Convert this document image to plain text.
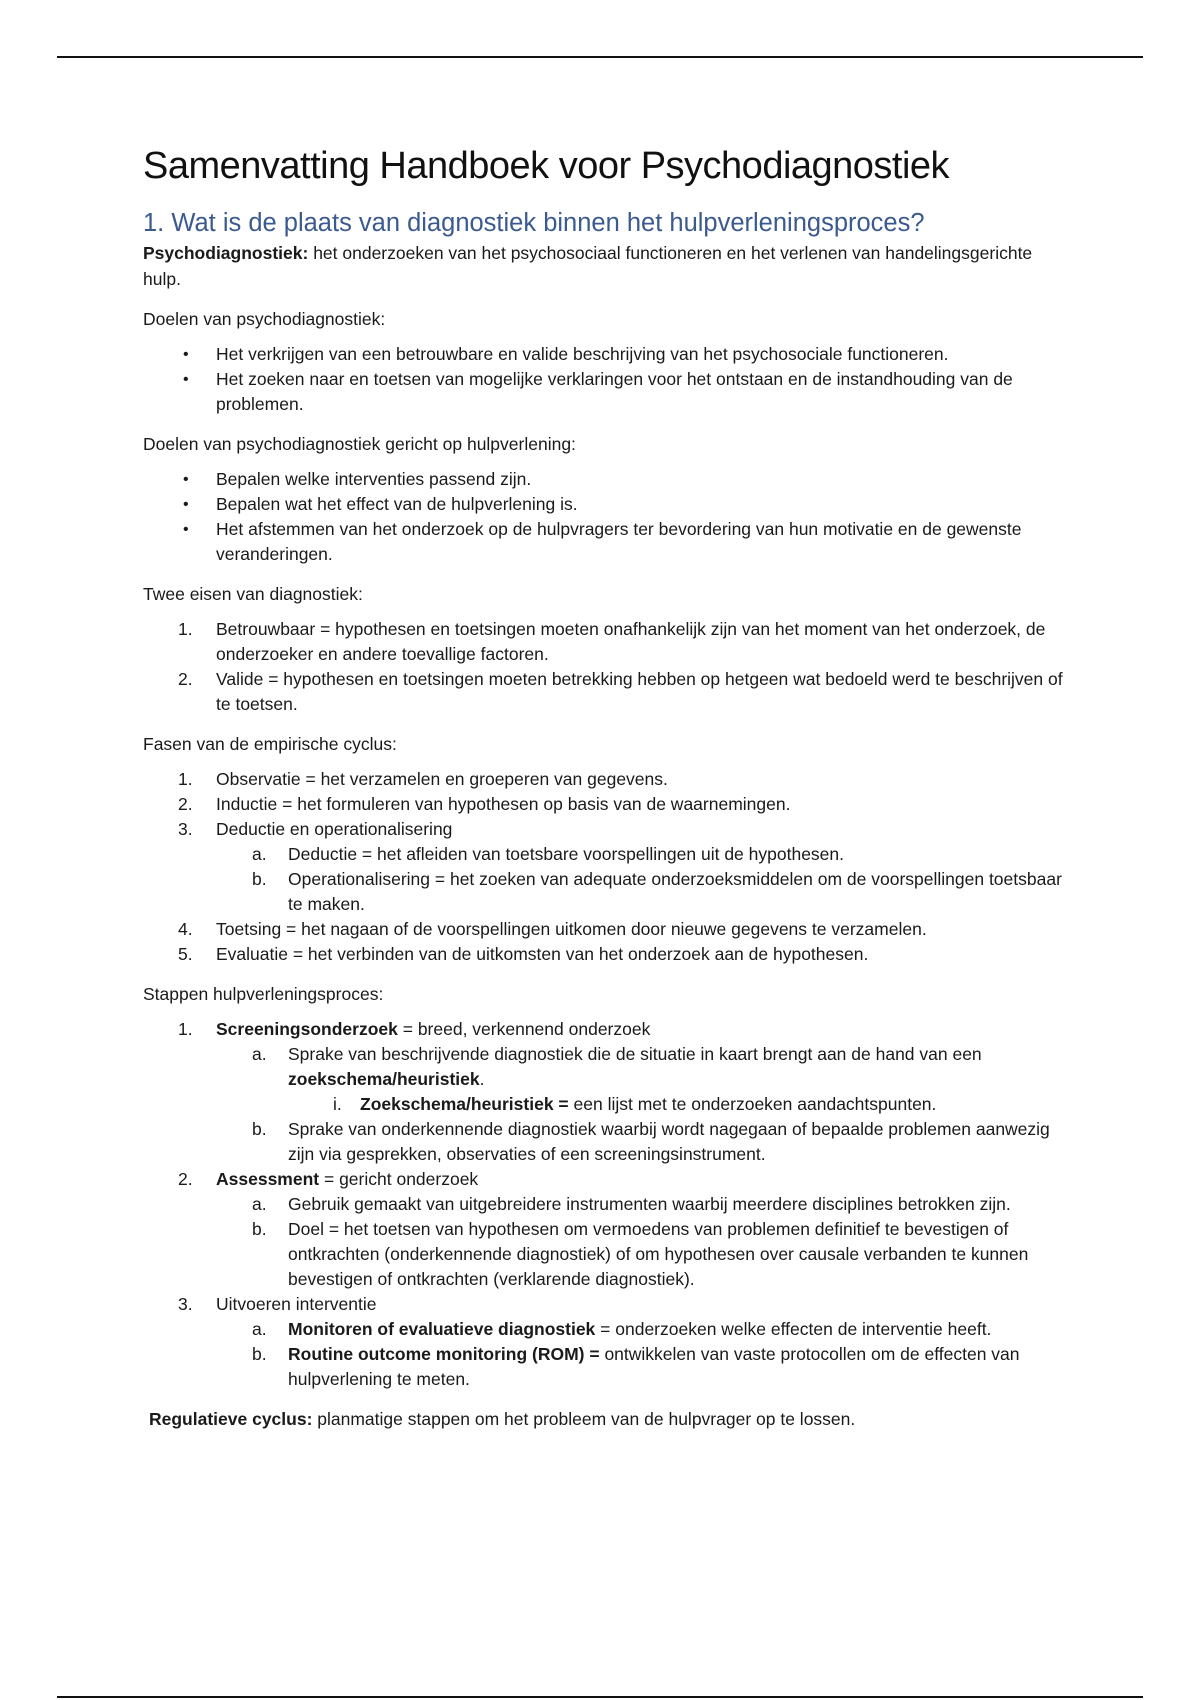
Samenvatting Handboek voor Psychodiagnostiek
1. Wat is de plaats van diagnostiek binnen het hulpverleningsproces?

Psychodiagnostiek: het onderzoeken van het psychosociaal functioneren en het verlenen van handelingsgerichte hulp.

Doelen van psychodiagnostiek:

• Het verkrijgen van een betrouwbare en valide beschrijving van het psychosociale functioneren.
• Het zoeken naar en toetsen van mogelijke verklaringen voor het ontstaan en de instandhouding van de problemen.

Doelen van psychodiagnostiek gericht op hulpverlening:

• Bepalen welke interventies passend zijn.
• Bepalen wat het effect van de hulpverlening is.
• Het afstemmen van het onderzoek op de hulpvragers ter bevordering van hun motivatie en de gewenste veranderingen.

Twee eisen van diagnostiek:

1. Betrouwbaar = hypothesen en toetsingen moeten onafhankelijk zijn van het moment van het onderzoek, de onderzoeker en andere toevallige factoren.
2. Valide = hypothesen en toetsingen moeten betrekking hebben op hetgeen wat bedoeld werd te beschrijven of te toetsen.

Fasen van de empirische cyclus:

1. Observatie = het verzamelen en groeperen van gegevens.
2. Inductie = het formuleren van hypothesen op basis van de waarnemingen.
3. Deductie en operationalisering
a. Deductie = het afleiden van toetsbare voorspellingen uit de hypothesen.
b. Operationalisering = het zoeken van adequate onderzoeksmiddelen om de voorspellingen toetsbaar te maken.
4. Toetsing = het nagaan of de voorspellingen uitkomen door nieuwe gegevens te verzamelen.
5. Evaluatie = het verbinden van de uitkomsten van het onderzoek aan de hypothesen.

Stappen hulpverleningsproces:

1. Screeningsonderzoek = breed, verkennend onderzoek
a. Sprake van beschrijvende diagnostiek die de situatie in kaart brengt aan de hand van een zoekschema/heuristiek.
i. Zoekschema/heuristiek = een lijst met te onderzoeken aandachtspunten.
b. Sprake van onderkennende diagnostiek waarbij wordt nagegaan of bepaalde problemen aanwezig zijn via gesprekken, observaties of een screeningsinstrument.
2. Assessment = gericht onderzoek
a. Gebruik gemaakt van uitgebreidere instrumenten waarbij meerdere disciplines betrokken zijn.
b. Doel = het toetsen van hypothesen om vermoedens van problemen definitief te bevestigen of ontkrachten (onderkennende diagnostiek) of om hypothesen over causale verbanden te kunnen bevestigen of ontkrachten (verklarende diagnostiek).
3. Uitvoeren interventie
a. Monitoren of evaluatieve diagnostiek = onderzoeken welke effecten de interventie heeft.
b. Routine outcome monitoring (ROM) = ontwikkelen van vaste protocollen om de effecten van hulpverlening te meten.

Regulatieve cyclus: planmatige stappen om het probleem van de hulpvrager op te lossen.
